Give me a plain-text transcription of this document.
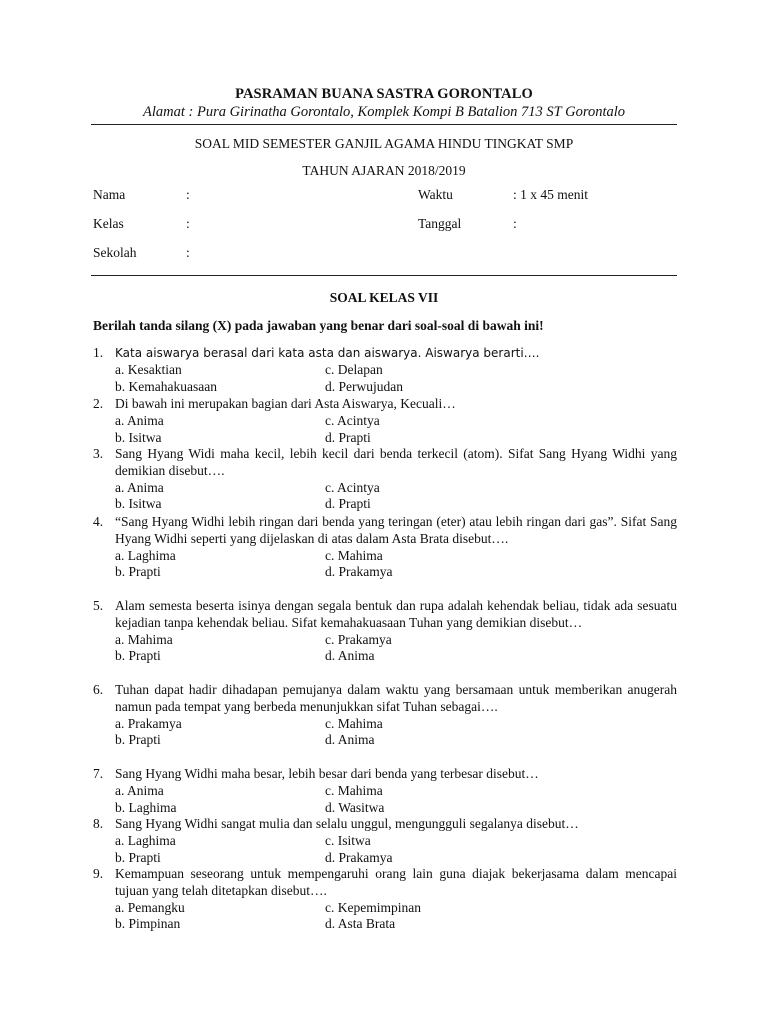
PASRAMAN BUANA SASTRA GORONTALO
Alamat : Pura Girinatha Gorontalo, Komplek Kompi B Batalion 713 ST Gorontalo
SOAL MID SEMESTER GANJIL AGAMA HINDU TINGKAT SMP
TAHUN AJARAN 2018/2019
Nama	:	Waktu	: 1 x 45 menit
Kelas	:	Tanggal	:
Sekolah	:
SOAL KELAS VII
Berilah tanda silang (X) pada jawaban yang benar dari soal-soal di bawah ini!
1. Kata aiswarya berasal dari kata asta dan aiswarya. Aiswarya berarti….
a. Kesaktian	c. Delapan
b. Kemahakuasaan	d. Perwujudan
2. Di bawah ini merupakan bagian dari Asta Aiswarya, Kecuali…
a. Anima	c. Acintya
b. Isitwa	d. Prapti
3. Sang Hyang Widi maha kecil, lebih kecil dari benda terkecil (atom). Sifat Sang Hyang Widhi yang demikian disebut….
a. Anima	c. Acintya
b. Isitwa	d. Prapti
4. “Sang Hyang Widhi lebih ringan dari benda yang teringan (eter) atau lebih ringan dari gas”. Sifat Sang Hyang Widhi seperti yang dijelaskan di atas dalam Asta Brata disebut….
a. Laghima	c. Mahima
b. Prapti	d. Prakamya
5. Alam semesta beserta isinya dengan segala bentuk dan rupa adalah kehendak beliau, tidak ada sesuatu kejadian tanpa kehendak beliau. Sifat kemahakuasaan Tuhan yang demikian disebut…
a. Mahima	c. Prakamya
b. Prapti	d. Anima
6. Tuhan dapat hadir dihadapan pemujanya dalam waktu yang bersamaan untuk memberikan anugerah namun pada tempat yang berbeda menunjukkan sifat Tuhan sebagai….
a. Prakamya	c. Mahima
b. Prapti	d. Anima
7. Sang Hyang Widhi maha besar, lebih besar dari benda yang terbesar disebut…
a. Anima	c. Mahima
b. Laghima	d. Wasitwa
8. Sang Hyang Widhi sangat mulia dan selalu unggul, mengungguli segalanya disebut…
a. Laghima	c. Isitwa
b. Prapti	d. Prakamya
9. Kemampuan seseorang untuk mempengaruhi orang lain guna diajak bekerjasama dalam mencapai tujuan yang telah ditetapkan disebut….
a. Pemangku	c. Kepemimpinan
b. Pimpinan	d. Asta Brata
